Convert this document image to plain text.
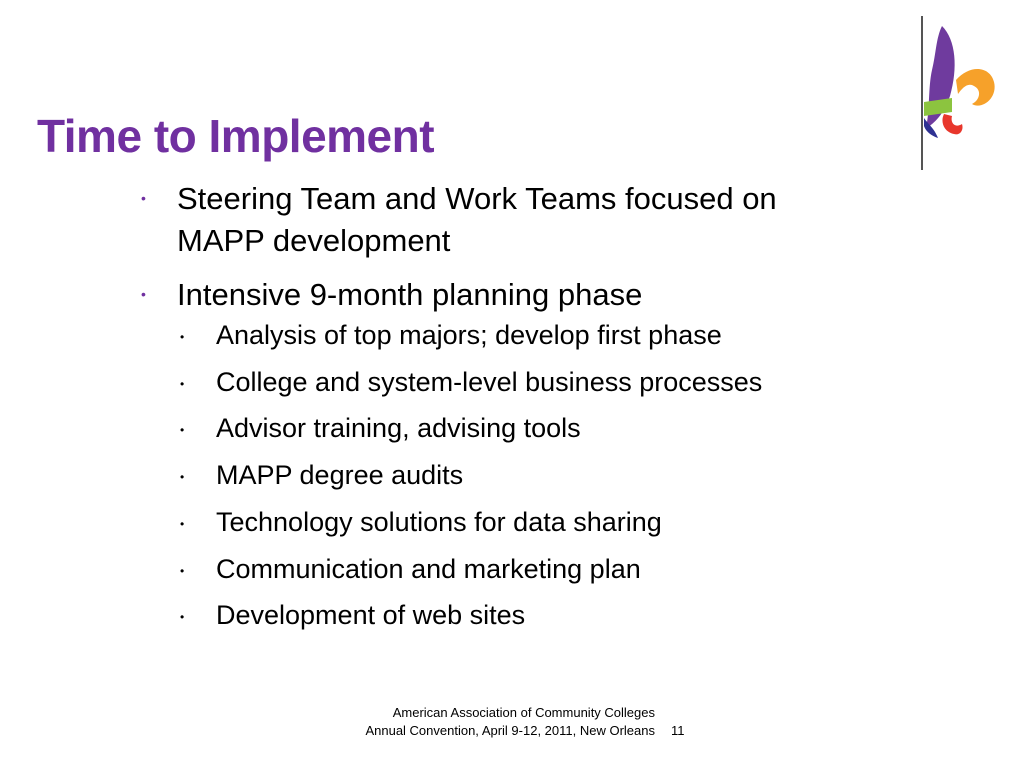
Time to Implement
• Steering Team and Work Teams focused on
MAPP development
• Intensive 9-month planning phase
• Analysis of top majors; develop first phase
• College and system-level business processes
• Advisor training, advising tools
• MAPP degree audits
• Technology solutions for data sharing
• Communication and marketing plan
• Development of web sites
American Association of Community Colleges
Annual Convention, April 9-12, 2011, New Orleans 11
